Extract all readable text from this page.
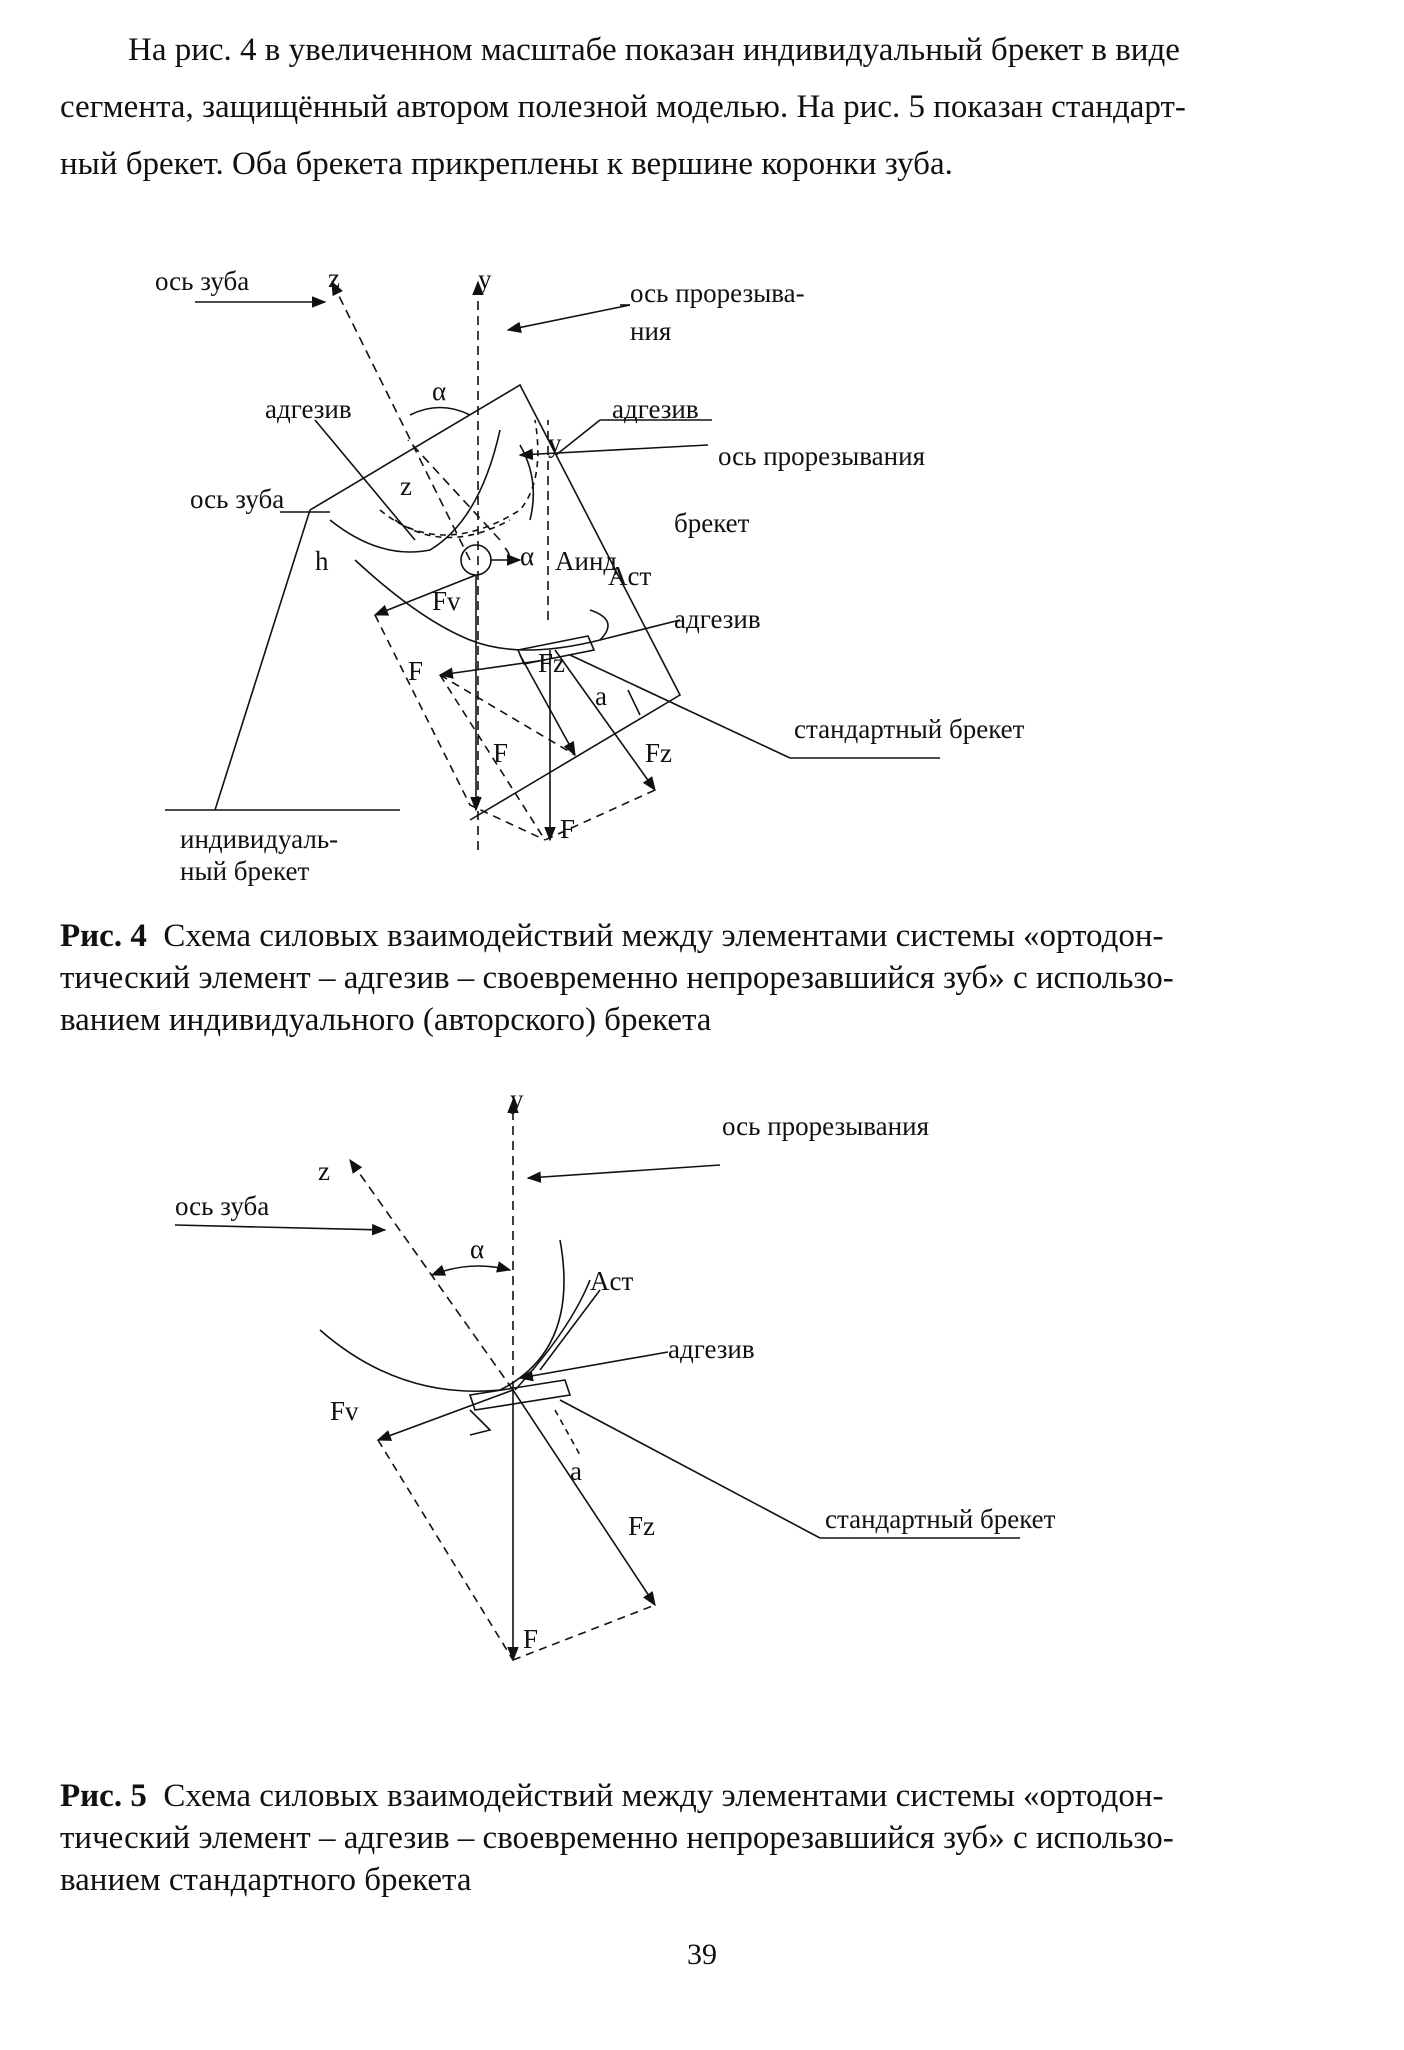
На рис. 4 в увеличенном масштабе показан индивидуальный брекет в виде
сегмента, защищённый автором полезной моделью. На рис. 5 показан стандарт-
ный брекет. Оба брекета прикреплены к вершине коронки зуба.
ось зуба	z	y	ось прорезыва-
ния
α
адгезив	адгезив
y	ось прорезывания
z
ось зуба
брекет
h	α Aинд
Aст
Fv
адгезив
F	Fz
a
стандартный брекет
F	Fz
F
индивидуаль-
ный брекет
Рис. 4 Схема силовых взаимодействий между элементами системы «ортодон-
тический элемент – адгезив – своевременно непрорезавшийся зуб» с использо-
ванием индивидуального (авторского) брекета
y
ось прорезывания
z
ось зуба
α
Aст
адгезив
Fv
a
стандартный брекет
Fz
F
Рис. 5 Схема силовых взаимодействий между элементами системы «ортодон-
тический элемент – адгезив – своевременно непрорезавшийся зуб» с использо-
ванием стандартного брекета
39
